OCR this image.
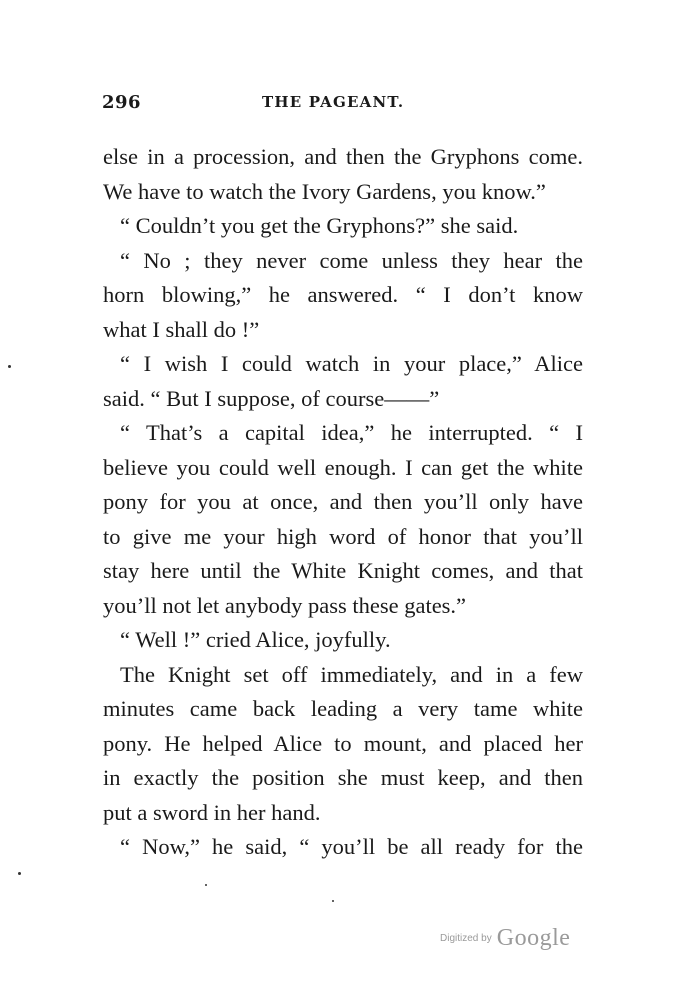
296	THE PAGEANT.
else in a procession, and then the Gryphons come.
We have to watch the Ivory Gardens, you know.”
“ Couldn’t you get the Gryphons?” she said.
“ No ; they never come unless they hear the
horn blowing,” he answered. “ I don’t know
what I shall do !”
“ I wish I could watch in your place,” Alice
said. “ But I suppose, of course——”
“ That’s a capital idea,” he interrupted. “ I
believe you could well enough. I can get the white
pony for you at once, and then you’ll only have
to give me your high word of honor that you’ll
stay here until the White Knight comes, and that
you’ll not let anybody pass these gates.”
“ Well !” cried Alice, joyfully.
The Knight set off immediately, and in a few
minutes came back leading a very tame white
pony. He helped Alice to mount, and placed her
in exactly the position she must keep, and then
put a sword in her hand.
“ Now,” he said, “ you’ll be all ready for the
Digitized by Google
